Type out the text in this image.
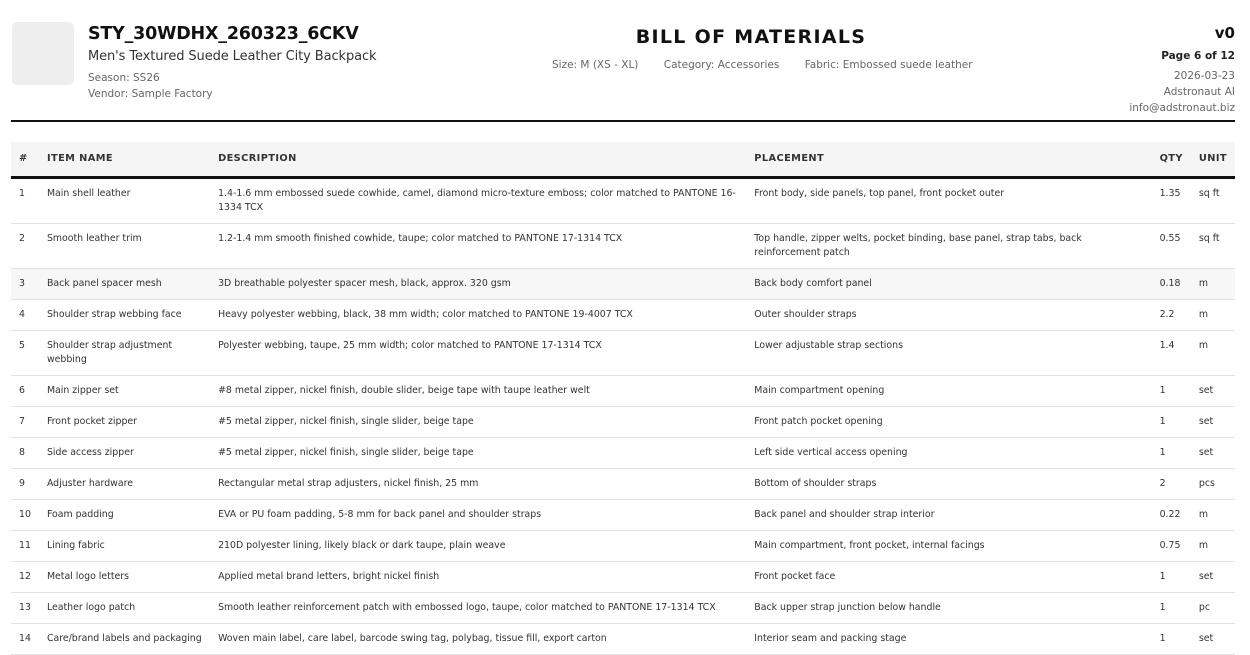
STY_30WDHX_260323_6CKV
Men's Textured Suede Leather City Backpack
Season: SS26
Vendor: Sample Factory
BILL OF MATERIALS
Size: M (XS - XL) Category: Accessories Fabric: Embossed suede leather
v0
Page 6 of 12
2026-03-23
Adstronaut AI
info@adstronaut.biz
#	ITEM NAME	DESCRIPTION	PLACEMENT	QTY	UNIT
1	Main shell leather	1.4-1.6 mm embossed suede cowhide, camel, diamond micro-texture emboss; color matched to PANTONE 16-1334 TCX	Front body, side panels, top panel, front pocket outer	1.35	sq ft
2	Smooth leather trim	1.2-1.4 mm smooth finished cowhide, taupe; color matched to PANTONE 17-1314 TCX	Top handle, zipper welts, pocket binding, base panel, strap tabs, back reinforcement patch	0.55	sq ft
3	Back panel spacer mesh	3D breathable polyester spacer mesh, black, approx. 320 gsm	Back body comfort panel	0.18	m
4	Shoulder strap webbing face	Heavy polyester webbing, black, 38 mm width; color matched to PANTONE 19-4007 TCX	Outer shoulder straps	2.2	m
5	Shoulder strap adjustment webbing	Polyester webbing, taupe, 25 mm width; color matched to PANTONE 17-1314 TCX	Lower adjustable strap sections	1.4	m
6	Main zipper set	#8 metal zipper, nickel finish, double slider, beige tape with taupe leather welt	Main compartment opening	1	set
7	Front pocket zipper	#5 metal zipper, nickel finish, single slider, beige tape	Front patch pocket opening	1	set
8	Side access zipper	#5 metal zipper, nickel finish, single slider, beige tape	Left side vertical access opening	1	set
9	Adjuster hardware	Rectangular metal strap adjusters, nickel finish, 25 mm	Bottom of shoulder straps	2	pcs
10	Foam padding	EVA or PU foam padding, 5-8 mm for back panel and shoulder straps	Back panel and shoulder strap interior	0.22	m
11	Lining fabric	210D polyester lining, likely black or dark taupe, plain weave	Main compartment, front pocket, internal facings	0.75	m
12	Metal logo letters	Applied metal brand letters, bright nickel finish	Front pocket face	1	set
13	Leather logo patch	Smooth leather reinforcement patch with embossed logo, taupe, color matched to PANTONE 17-1314 TCX	Back upper strap junction below handle	1	pc
14	Care/brand labels and packaging	Woven main label, care label, barcode swing tag, polybag, tissue fill, export carton	Interior seam and packing stage	1	set
